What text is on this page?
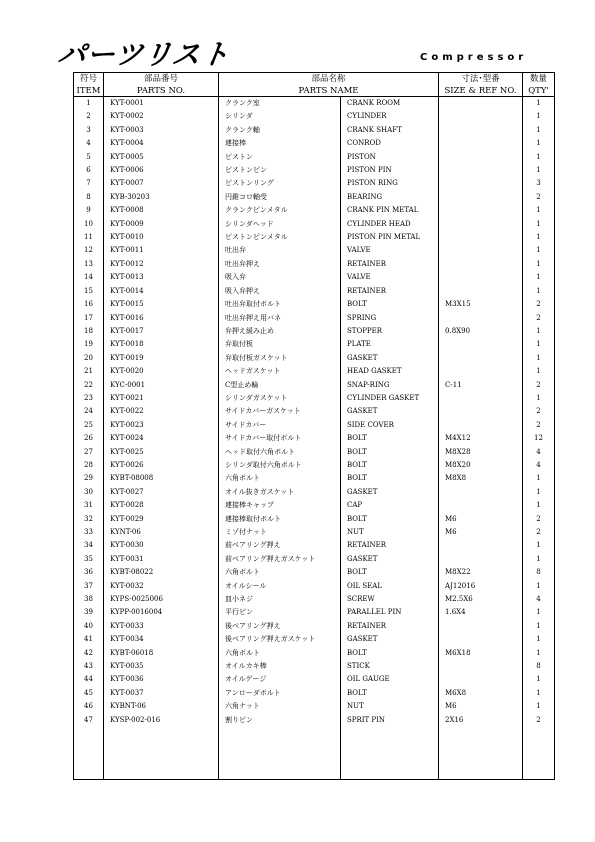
パーツリスト	Compressor
符号	部品番号	部品名称		寸法･型番	数量
ITEM	PARTS NO.	PARTS NAME		SIZE & REF NO.	QTY'
1	KYT-0001	クランク室	CRANK ROOM		1
2	KYT-0002	シリンダ	CYLINDER		1
3	KYT-0003	クランク軸	CRANK SHAFT		1
4	KYT-0004	連接棒	CONROD		1
5	KYT-0005	ピストン	PISTON		1
6	KYT-0006	ピストンピン	PISTON PIN		1
7	KYT-0007	ピストンリング	PISTON RING		3
8	KYB-30203	円錐コロ軸受	BEARING		2
9	KYT-0008	クランクピンメタル	CRANK PIN METAL		1
10	KYT-0009	シリンダヘッド	CYLINDER HEAD		1
11	KYT-0010	ピストンピンメタル	PISTON PIN METAL		1
12	KYT-0011	吐出弁	VALVE		1
13	KYT-0012	吐出弁押え	RETAINER		1
14	KYT-0013	吸入弁	VALVE		1
15	KYT-0014	吸入弁押え	RETAINER		1
16	KYT-0015	吐出弁取付ボルト	BOLT	M3X15	2
17	KYT-0016	吐出弁押え用バネ	SPRING		2
18	KYT-0017	弁押え緩み止め	STOPPER	0.8X90	1
19	KYT-0018	弁取付板	PLATE		1
20	KYT-0019	弁取付板ガスケット	GASKET		1
21	KYT-0020	ヘッドガスケット	HEAD GASKET		1
22	KYC-0001	C型止め輪	SNAP-RING	C-11	2
23	KYT-0021	シリンダガスケット	CYLINDER GASKET		1
24	KYT-0022	サイドカバーガスケット	GASKET		2
25	KYT-0023	サイドカバー	SIDE COVER		2
26	KYT-0024	サイドカバー取付ボルト	BOLT	M4X12	12
27	KYT-0025	ヘッド取付六角ボルト	BOLT	M8X28	4
28	KYT-0026	シリンダ取付六角ボルト	BOLT	M8X20	4
29	KYBT-08008	六角ボルト	BOLT	M8X8	1
30	KYT-0027	オイル抜きガスケット	GASKET		1
31	KYT-0028	連接棒キャップ	CAP		1
32	KYT-0029	連接棒取付ボルト	BOLT	M6	2
33	KYNT-06	ミゾ付ナット	NUT	M6	2
34	KYT-0030	前ベアリング押え	RETAINER		1
35	KYT-0031	前ベアリング押えガスケット	GASKET		1
36	KYBT-08022	六角ボルト	BOLT	M8X22	8
37	KYT-0032	オイルシール	OIL SEAL	AJ12016	1
38	KYPS-0025006	皿小ネジ	SCREW	M2.5X6	4
39	KYPP-0016004	平行ピン	PARALLEL PIN	1.6X4	1
40	KYT-0033	後ベアリング押え	RETAINER		1
41	KYT-0034	後ベアリング押えガスケット	GASKET		1
42	KYBT-06018	六角ボルト	BOLT	M6X18	1
43	KYT-0035	オイルカキ棒	STICK		8
44	KYT-0036	オイルゲージ	OIL GAUGE		1
45	KYT-0037	アンローダボルト	BOLT	M6X8	1
46	KYBNT-06	六角ナット	NUT	M6	1
47	KYSP-002-016	割りピン	SPRIT PIN	2X16	2
